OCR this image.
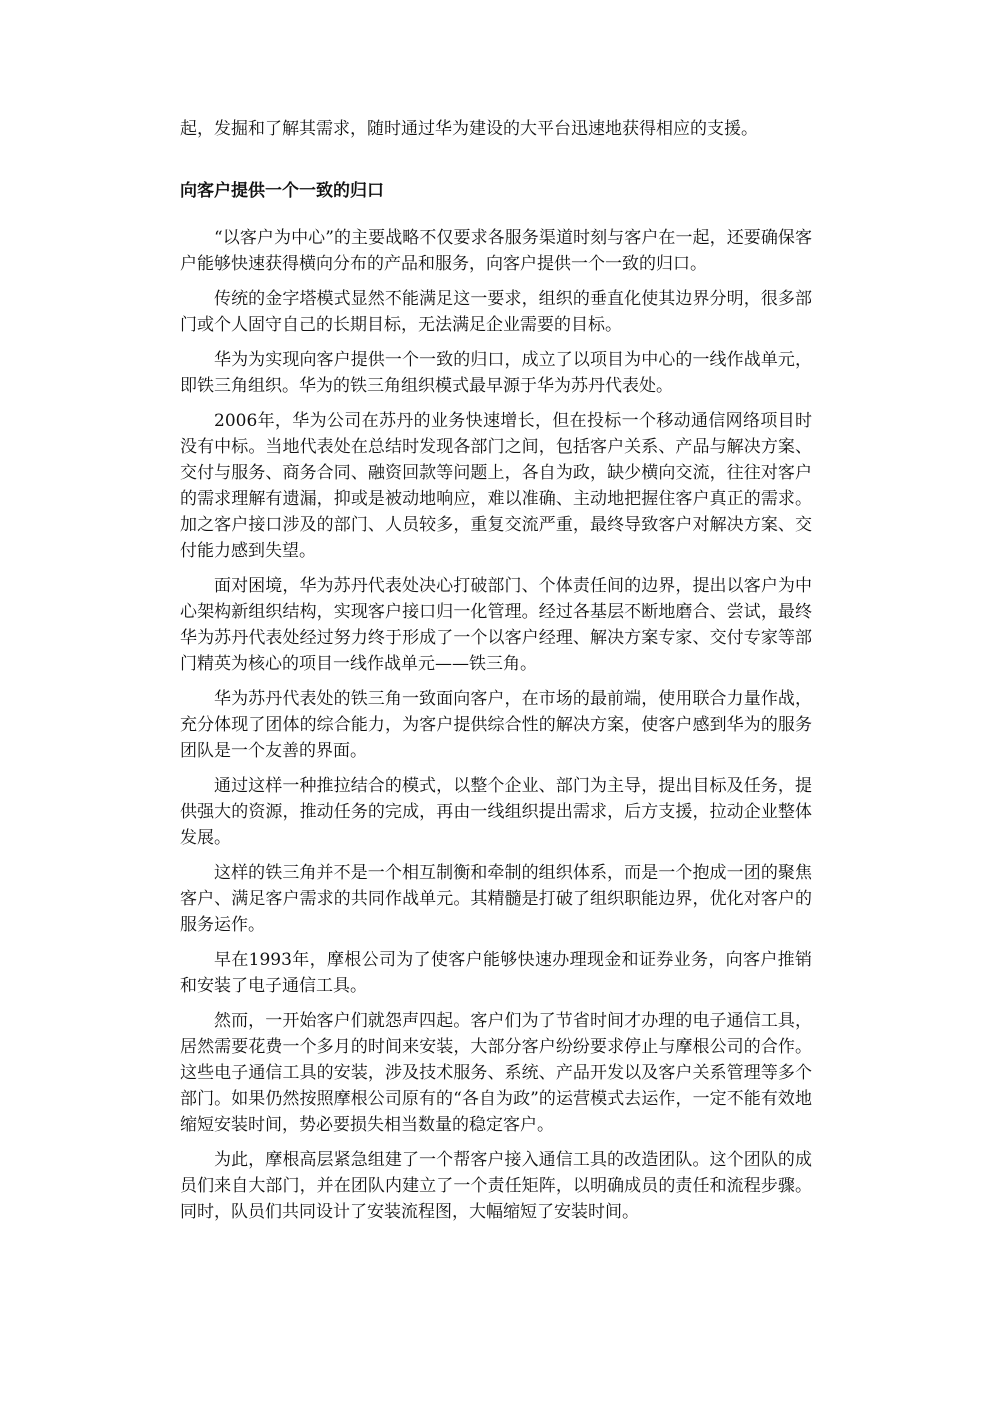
起，发掘和了解其需求，随时通过华为建设的大平台迅速地获得相应的支援。

向客户提供一个一致的归口

“以客户为中心”的主要战略不仅要求各服务渠道时刻与客户在一起，还要确保客户能够快速获得横向分布的产品和服务，向客户提供一个一致的归口。

传统的金字塔模式显然不能满足这一要求，组织的垂直化使其边界分明，很多部门或个人固守自己的长期目标，无法满足企业需要的目标。

华为为实现向客户提供一个一致的归口，成立了以项目为中心的一线作战单元，即铁三角组织。华为的铁三角组织模式最早源于华为苏丹代表处。

2006年，华为公司在苏丹的业务快速增长，但在投标一个移动通信网络项目时没有中标。当地代表处在总结时发现各部门之间，包括客户关系、产品与解决方案、交付与服务、商务合同、融资回款等问题上，各自为政，缺少横向交流，往往对客户的需求理解有遗漏，抑或是被动地响应，难以准确、主动地把握住客户真正的需求。加之客户接口涉及的部门、人员较多，重复交流严重，最终导致客户对解决方案、交付能力感到失望。

面对困境，华为苏丹代表处决心打破部门、个体责任间的边界，提出以客户为中心架构新组织结构，实现客户接口归一化管理。经过各基层不断地磨合、尝试，最终华为苏丹代表处经过努力终于形成了一个以客户经理、解决方案专家、交付专家等部门精英为核心的项目一线作战单元——铁三角。

华为苏丹代表处的铁三角一致面向客户，在市场的最前端，使用联合力量作战，充分体现了团体的综合能力，为客户提供综合性的解决方案，使客户感到华为的服务团队是一个友善的界面。

通过这样一种推拉结合的模式，以整个企业、部门为主导，提出目标及任务，提供强大的资源，推动任务的完成，再由一线组织提出需求，后方支援，拉动企业整体发展。

这样的铁三角并不是一个相互制衡和牵制的组织体系，而是一个抱成一团的聚焦客户、满足客户需求的共同作战单元。其精髓是打破了组织职能边界，优化对客户的服务运作。

早在1993年，摩根公司为了使客户能够快速办理现金和证券业务，向客户推销和安装了电子通信工具。

然而，一开始客户们就怨声四起。客户们为了节省时间才办理的电子通信工具，居然需要花费一个多月的时间来安装，大部分客户纷纷要求停止与摩根公司的合作。这些电子通信工具的安装，涉及技术服务、系统、产品开发以及客户关系管理等多个部门。如果仍然按照摩根公司原有的“各自为政”的运营模式去运作，一定不能有效地缩短安装时间，势必要损失相当数量的稳定客户。

为此，摩根高层紧急组建了一个帮客户接入通信工具的改造团队。这个团队的成员们来自大部门，并在团队内建立了一个责任矩阵，以明确成员的责任和流程步骤。同时，队员们共同设计了安装流程图，大幅缩短了安装时间。
